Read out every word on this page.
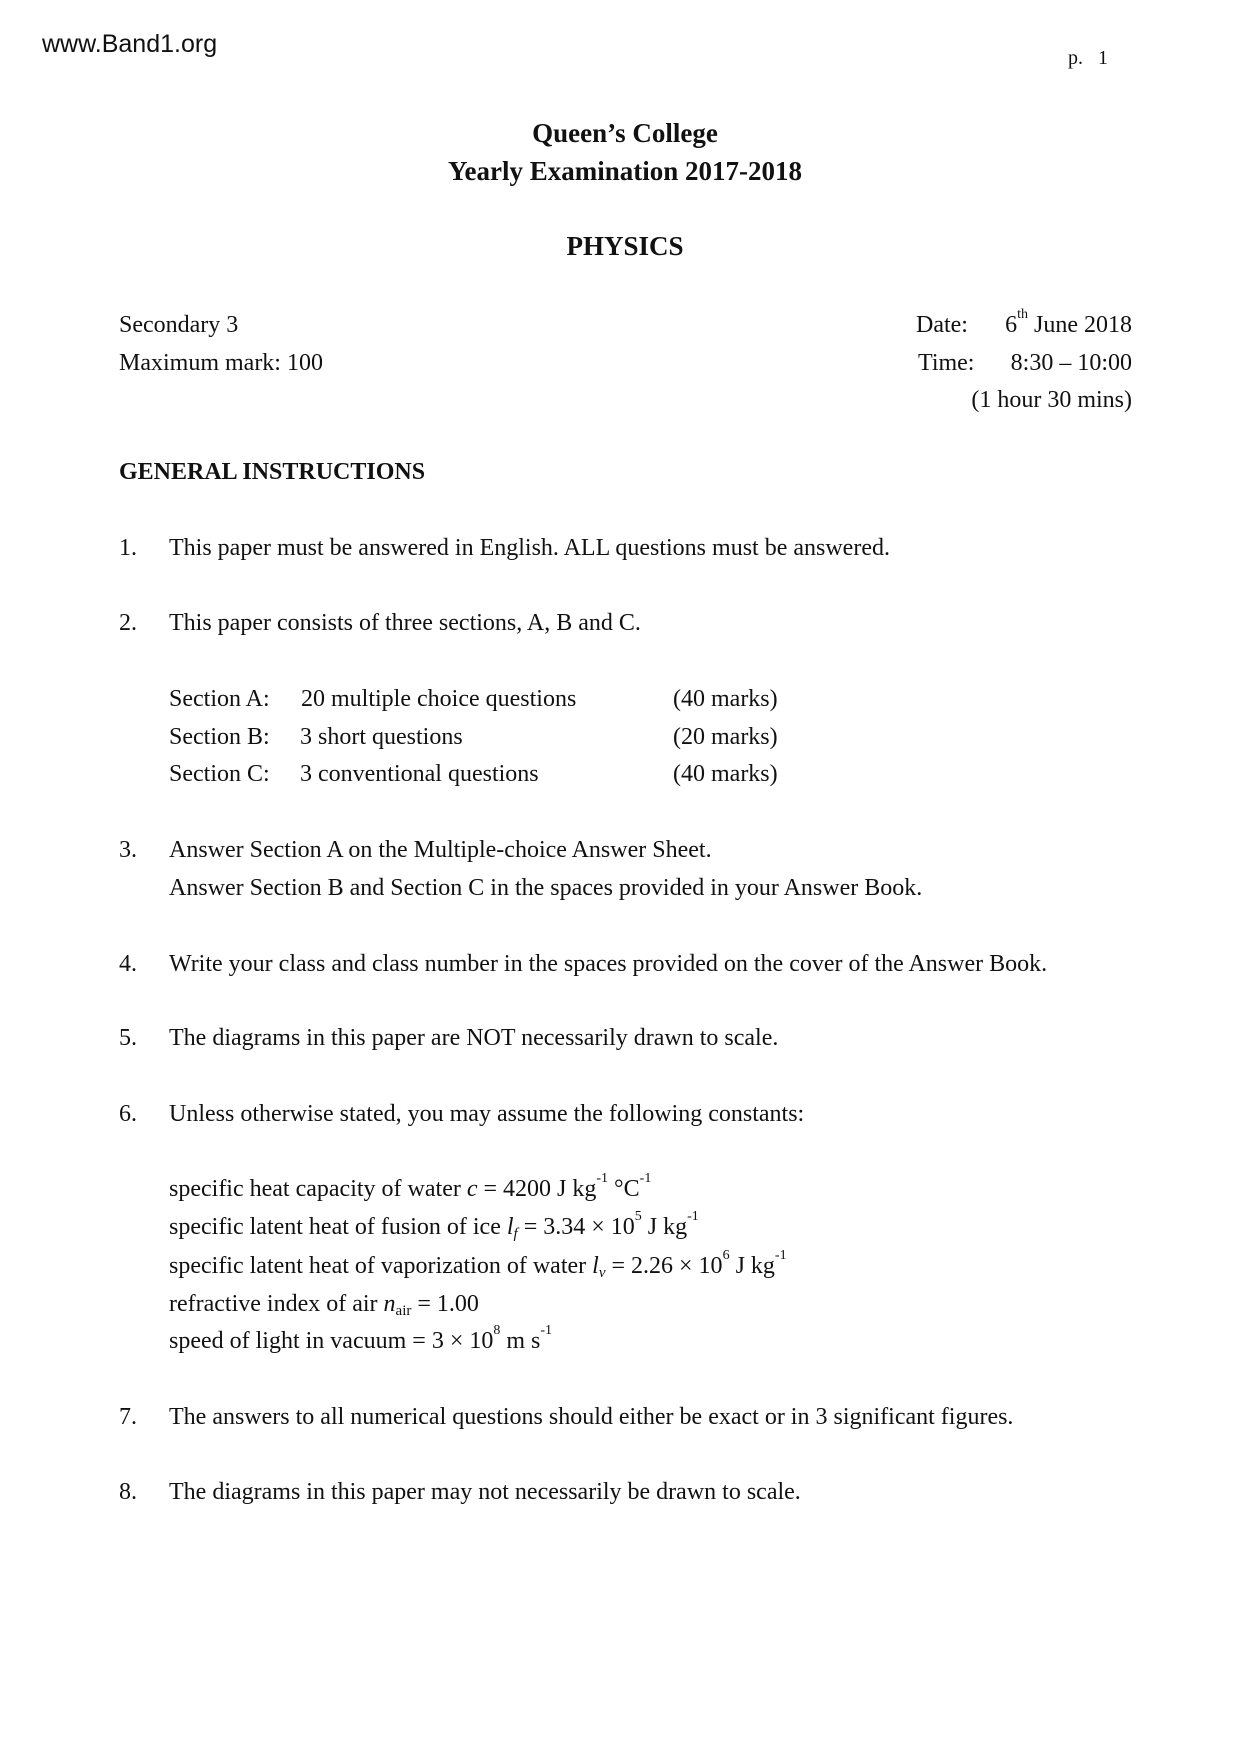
www.Band1.org	p.   1
Queen’s College
Yearly Examination 2017-2018
PHYSICS
Secondary 3
Maximum mark: 100
Date: 6th June 2018
Time: 8:30 – 10:00
(1 hour 30 mins)
GENERAL INSTRUCTIONS
1. This paper must be answered in English. ALL questions must be answered.
2. This paper consists of three sections, A, B and C.
Section A: 20 multiple choice questions	(40 marks)
Section B: 3 short questions	(20 marks)
Section C: 3 conventional questions	(40 marks)
3. Answer Section A on the Multiple-choice Answer Sheet.
Answer Section B and Section C in the spaces provided in your Answer Book.
4. Write your class and class number in the spaces provided on the cover of the Answer Book.
5. The diagrams in this paper are NOT necessarily drawn to scale.
6. Unless otherwise stated, you may assume the following constants:
specific heat capacity of water c = 4200 J $kg^{-1}$ $^\circ C^{-1}$
specific latent heat of fusion of ice $l_f = 3.34 \times 10^5$ J $kg^{-1}$
specific latent heat of vaporization of water $l_v = 2.26 \times 10^6$ J $kg^{-1}$
refractive index of air $n_{air} = 1.00$
speed of light in vacuum = $3 \times 10^8$ m $s^{-1}$
7. The answers to all numerical questions should either be exact or in 3 significant figures.
8. The diagrams in this paper may not necessarily be drawn to scale.
